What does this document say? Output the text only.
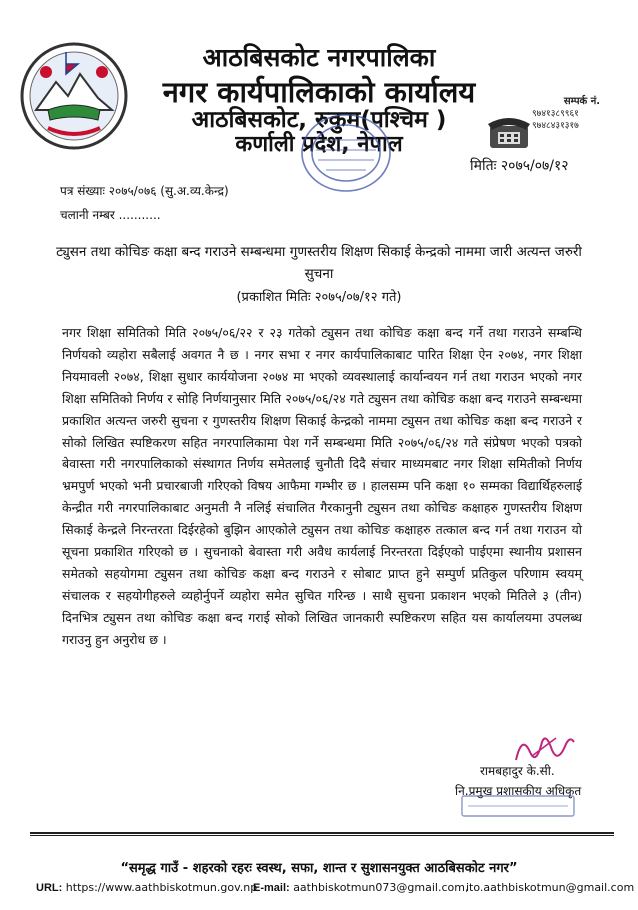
आठबिसकोट नगरपालिका
नगर कार्यपालिकाको कार्यालय
आठबिसकोट, रुकुम(पश्चिम )
कर्णाली प्रदेश, नेपाल
सम्पर्क नं.
९७४१३८९९६१
९७४८४३१३१७
मितिः २०७५/०७/१२
पत्र संख्याः २०७५/०७६ (सु.अ.व्य.केन्द्र)
चलानी नम्बर ...........
ट्युसन तथा कोचिङ कक्षा बन्द गराउने सम्बन्धमा गुणस्तरीय शिक्षण सिकाई केन्द्रको नाममा जारी अत्यन्त जरुरी सुचना
(प्रकाशित मितिः २०७५/०७/१२ गते)
नगर शिक्षा समितिको मिति २०७५/०६/२२ र २३ गतेको ट्युसन तथा कोचिङ कक्षा बन्द गर्ने तथा गराउने सम्बन्धि निर्णयको व्यहोरा सबैलाई अवगत नै छ । नगर सभा र नगर कार्यपालिकाबाट पारित शिक्षा ऐन २०७४, नगर शिक्षा नियमावली २०७४, शिक्षा सुधार कार्ययोजना २०७४ मा भएको व्यवस्थालाई कार्यान्वयन गर्न तथा गराउन भएको नगर शिक्षा समितिको निर्णय र सोहि निर्णयानुसार मिति २०७५/०६/२४ गते ट्युसन तथा कोचिङ कक्षा बन्द गराउने सम्बन्धमा प्रकाशित अत्यन्त जरुरी सुचना र गुणस्तरीय शिक्षण सिकाई केन्द्रको नाममा ट्युसन तथा कोचिङ कक्षा बन्द गराउने र सोको लिखित स्पष्टिकरण सहित नगरपालिकामा पेश गर्ने सम्बन्धमा मिति २०७५/०६/२४ गते संप्रेषण भएको पत्रको बेवास्ता गरी नगरपालिकाको संस्थागत निर्णय समेतलाई चुनौती दिदै संचार माध्यमबाट नगर शिक्षा समितीको निर्णय भ्रमपुर्ण भएको भनी प्रचारबाजी गरिएको विषय आफैमा गम्भीर छ । हालसम्म पनि कक्षा १० सम्मका विद्यार्थिहरुलाई केन्द्रीत गरी नगरपालिकाबाट अनुमती नै नलिई संचालित गैरकानुनी ट्युसन तथा कोचिङ कक्षाहरु गुणस्तरीय शिक्षण सिकाई केन्द्रले निरन्तरता दिईरहेको बुझिन आएकोले ट्युसन तथा कोचिङ कक्षाहरु तत्काल बन्द गर्न तथा गराउन यो सूचना प्रकाशित गरिएको छ । सुचनाको बेवास्ता गरी अवैध कार्यलाई निरन्तरता दिईएको पाईएमा स्थानीय प्रशासन समेतको सहयोगमा ट्युसन तथा कोचिङ कक्षा बन्द गराउने र सोबाट प्राप्त हुने सम्पुर्ण प्रतिकुल परिणाम स्वयम् संचालक र सहयोगीहरुले व्यहोर्नुपर्ने व्यहोरा समेत सुचित गरिन्छ । साथै सुचना प्रकाशन भएको मितिले ३ (तीन) दिनभित्र ट्युसन तथा कोचिङ कक्षा बन्द गराई सोको लिखित जानकारी स्पष्टिकरण सहित यस कार्यालयमा उपलब्ध गराउनु हुन अनुरोध छ ।
रामबहादुर के.सी.
नि.प्रमुख प्रशासकीय अधिकृत
“समृद्ध गाउँ - शहरको रहरः स्वस्थ, सफा, शान्त र सुशासनयुक्त आठबिसकोट नगर”
URL: https://www.aathbiskotmun.gov.np
E-mail: aathbiskotmun073@gmail.com,
ito.aathbiskotmun@gmail.com
